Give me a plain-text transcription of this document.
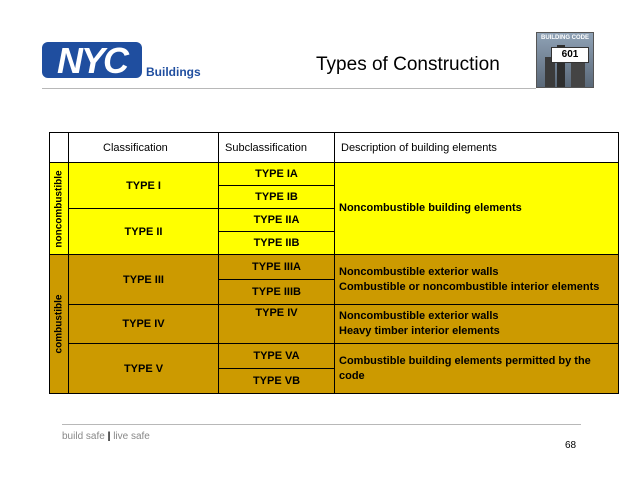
NYC Buildings	Types of Construction
BUILDING CODE
601
	Classification	Subclassification	Description of building elements

noncombustible	TYPE I	TYPE IA	Noncombustible building elements
		TYPE IB	
	TYPE II	TYPE IIA	
		TYPE IIB	

combustible	TYPE III	TYPE IIIA	Noncombustible exterior walls
Combustible or noncombustible interior elements

		TYPE IIIB	
	TYPE IV	TYPE IV	Noncombustible exterior walls
Heavy timber interior elements

	TYPE V	TYPE VA	Combustible building elements permitted by the code
		TYPE VB	
build safe | live safe
68
